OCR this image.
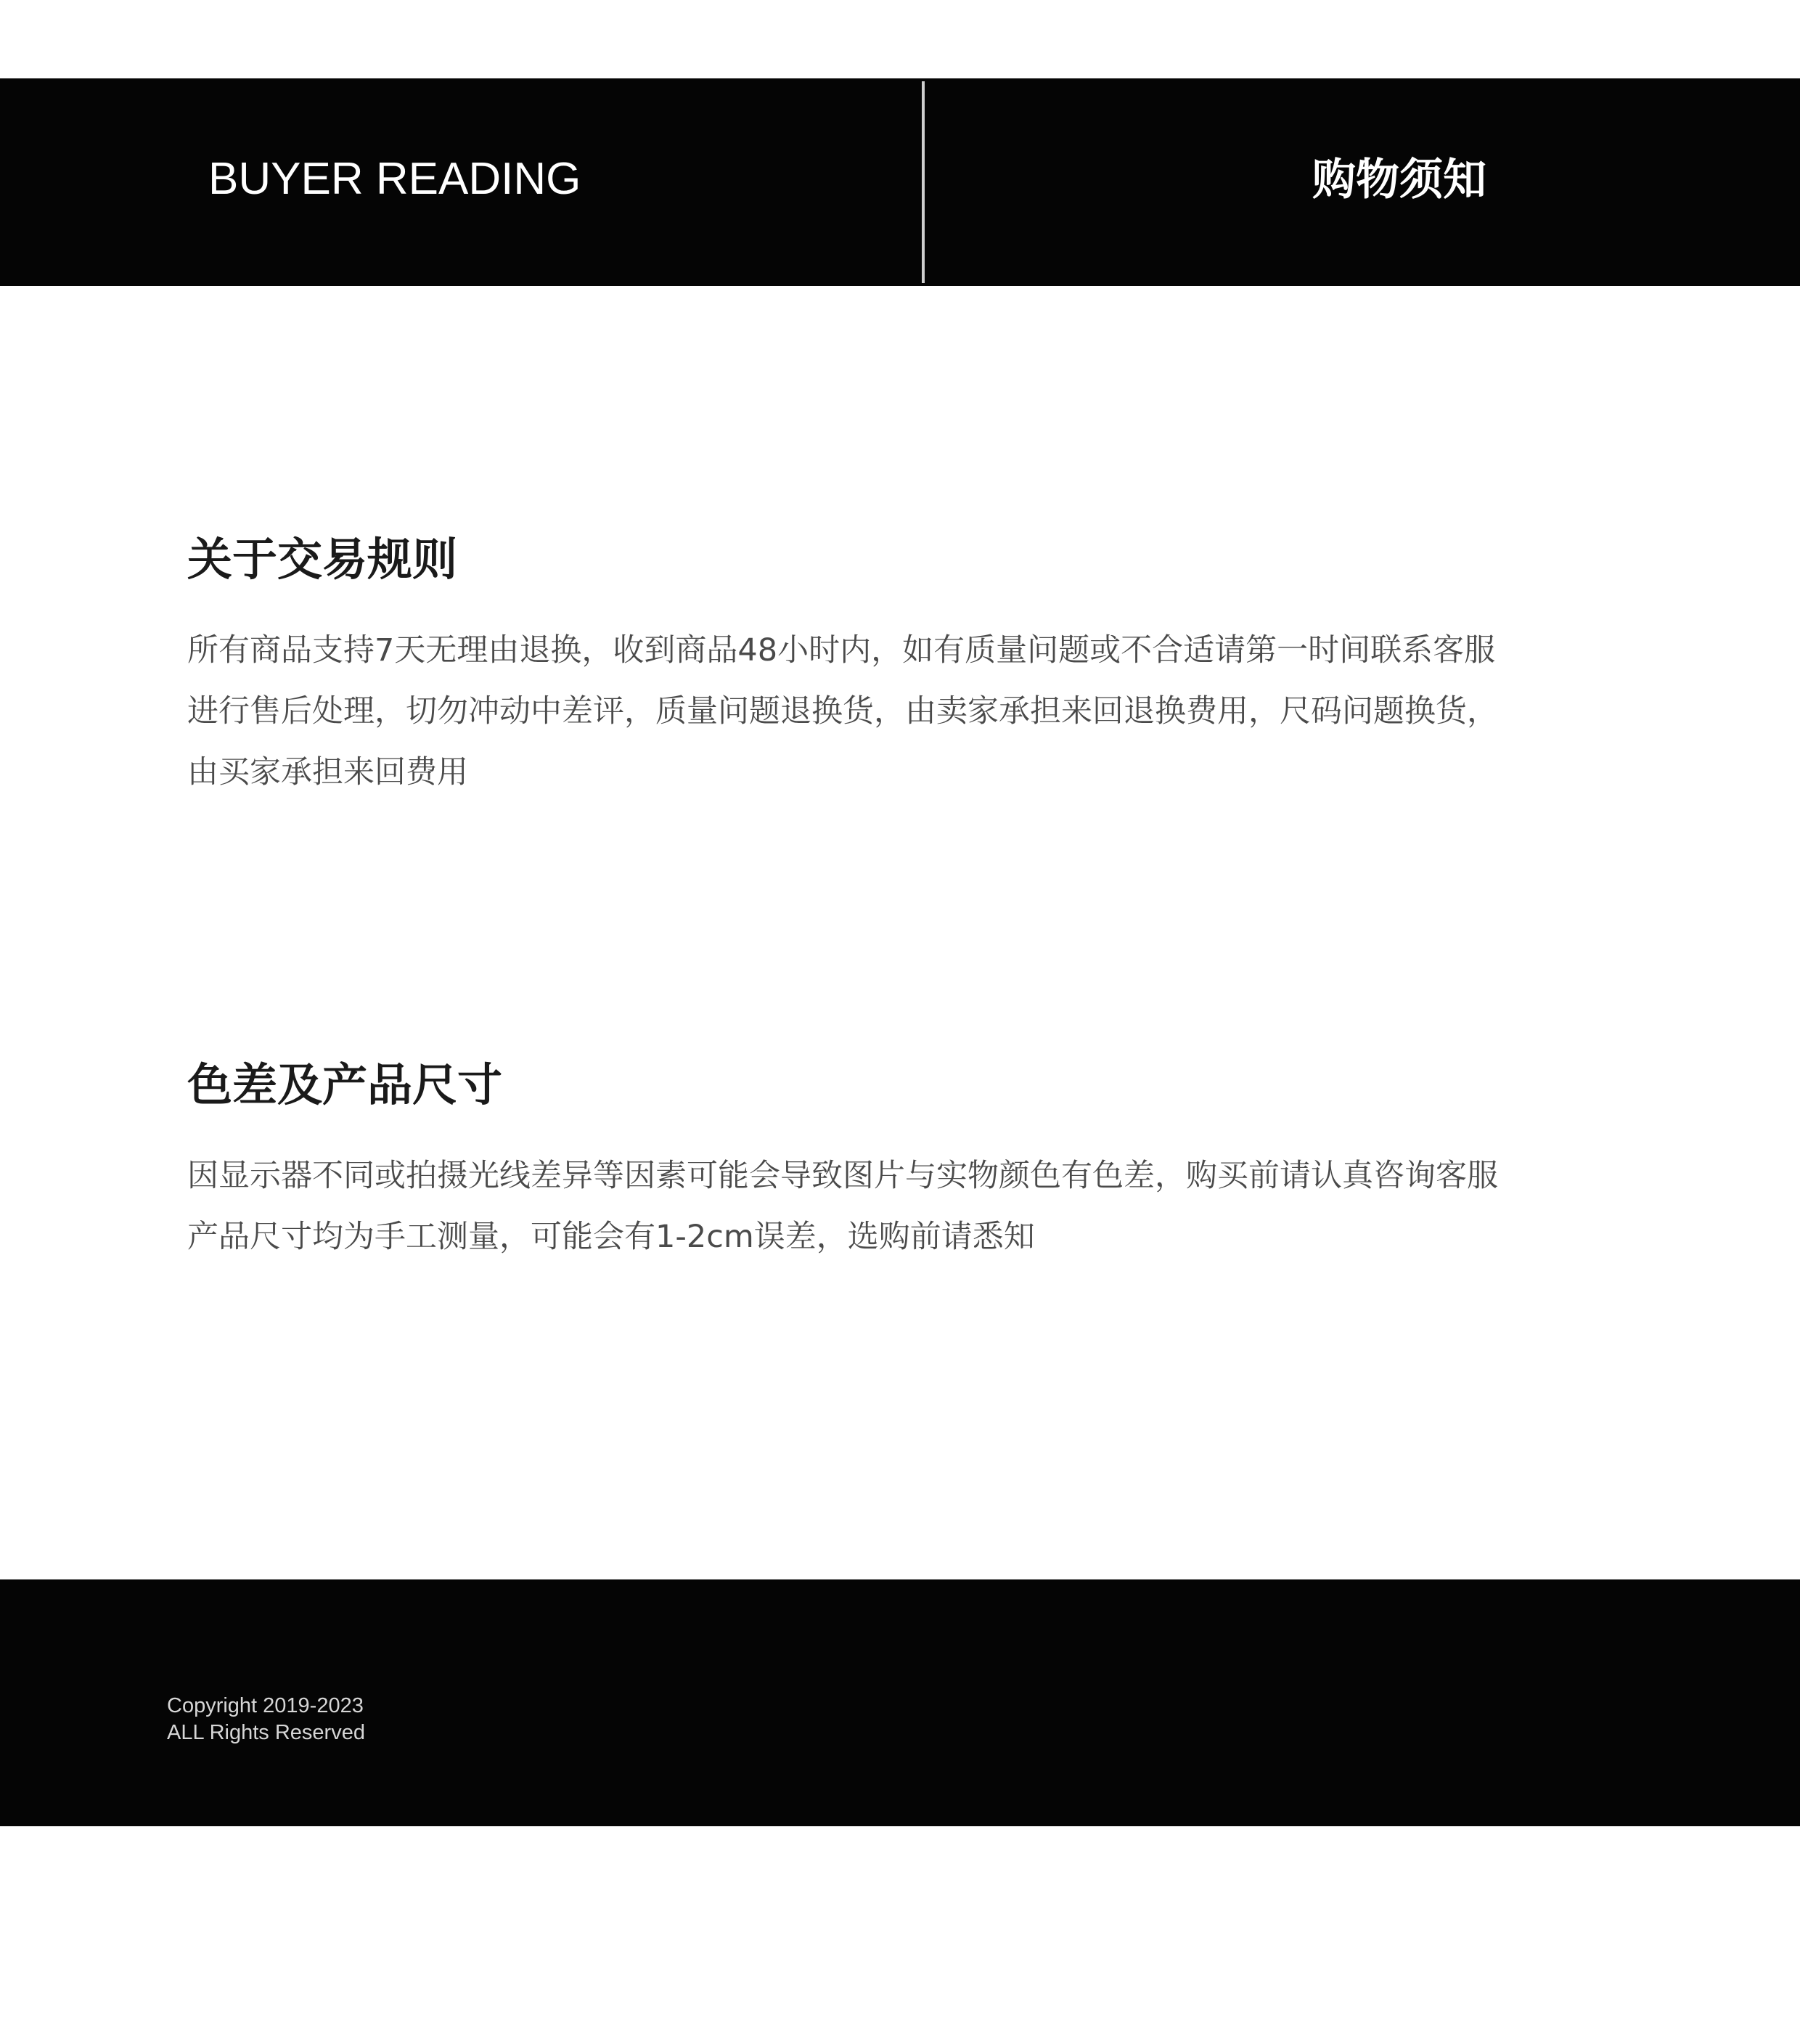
BUYER READING	购物须知
关于交易规则
所有商品支持7天无理由退换，收到商品48小时内，如有质量问题或不合适请第一时间联系客服
进行售后处理，切勿冲动中差评，质量问题退换货，由卖家承担来回退换费用，尺码问题换货，
由买家承担来回费用
色差及产品尺寸
因显示器不同或拍摄光线差异等因素可能会导致图片与实物颜色有色差，购买前请认真咨询客服
产品尺寸均为手工测量，可能会有1-2cm误差，选购前请悉知
Copyright 2019-2023
ALL Rights Reserved
